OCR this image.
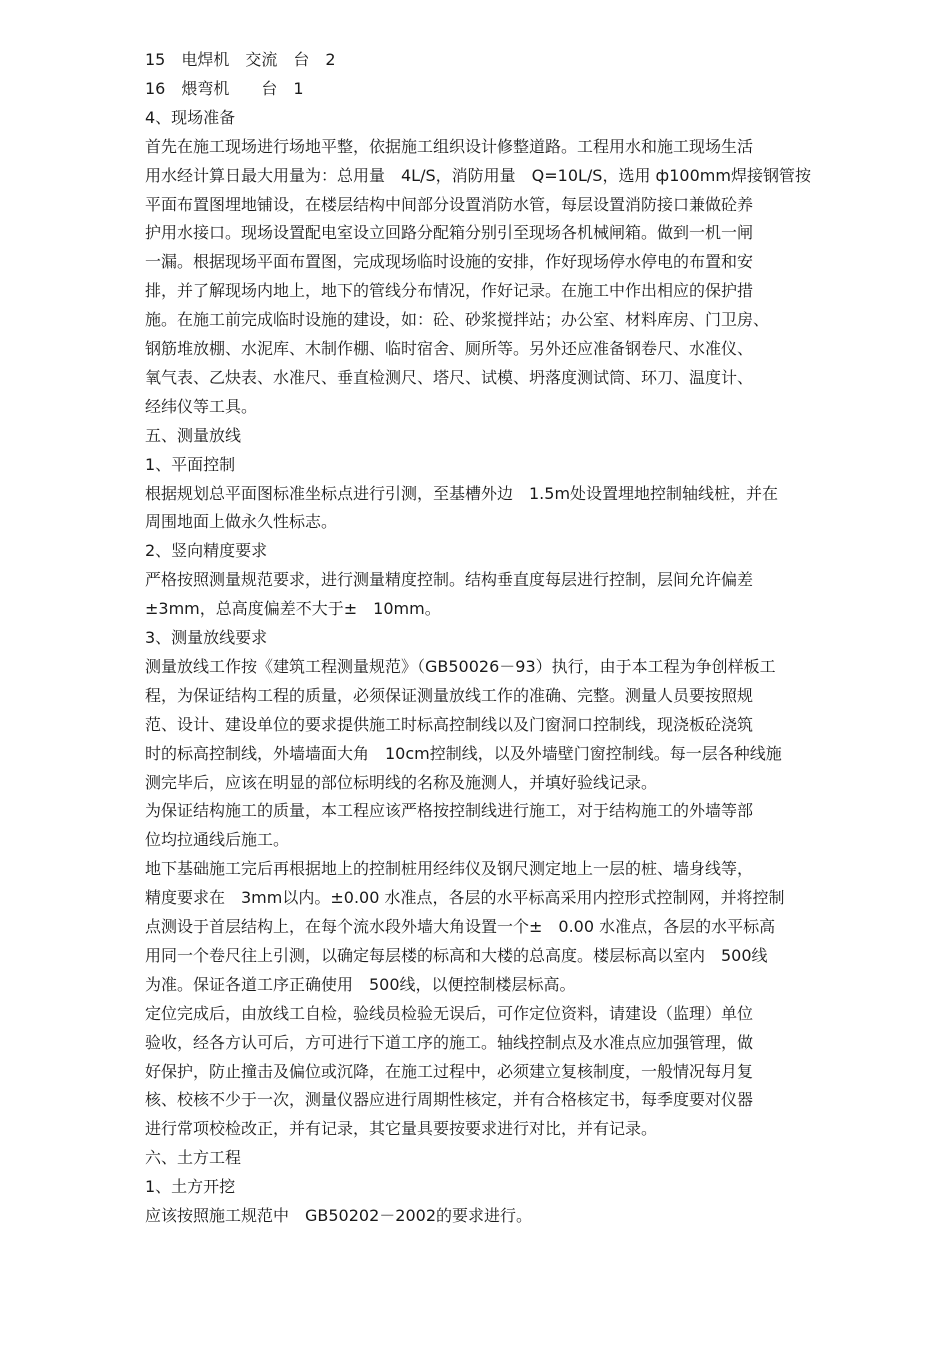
15　电焊机　交流　台　2
16　煨弯机　　台　1
4、现场准备
首先在施工现场进行场地平整，依据施工组织设计修整道路。工程用水和施工现场生活
用水经计算日最大用量为：总用量　4L/S，消防用量　Q=10L/S，选用 ф100mm焊接钢管按
平面布置图埋地铺设，在楼层结构中间部分设置消防水管，每层设置消防接口兼做砼养
护用水接口。现场设置配电室设立回路分配箱分别引至现场各机械闸箱。做到一机一闸
一漏。根据现场平面布置图，完成现场临时设施的安排，作好现场停水停电的布置和安
排，并了解现场内地上，地下的管线分布情况，作好记录。在施工中作出相应的保护措
施。在施工前完成临时设施的建设，如：砼、砂浆搅拌站；办公室、材料库房、门卫房、
钢筋堆放棚、水泥库、木制作棚、临时宿舍、厕所等。另外还应准备钢卷尺、水准仪、
氧气表、乙炔表、水准尺、垂直检测尺、塔尺、试模、坍落度测试筒、环刀、温度计、
经纬仪等工具。
五、测量放线
1、平面控制
根据规划总平面图标准坐标点进行引测，至基槽外边　1.5m处设置埋地控制轴线桩，并在
周围地面上做永久性标志。
2、竖向精度要求
严格按照测量规范要求，进行测量精度控制。结构垂直度每层进行控制，层间允许偏差
±3mm，总高度偏差不大于±　10mm。
3、测量放线要求
测量放线工作按《建筑工程测量规范》（GB50026－93）执行，由于本工程为争创样板工
程，为保证结构工程的质量，必须保证测量放线工作的准确、完整。测量人员要按照规
范、设计、建设单位的要求提供施工时标高控制线以及门窗洞口控制线，现浇板砼浇筑
时的标高控制线，外墙墙面大角　10cm控制线，以及外墙壁门窗控制线。每一层各种线施
测完毕后，应该在明显的部位标明线的名称及施测人，并填好验线记录。
为保证结构施工的质量，本工程应该严格按控制线进行施工，对于结构施工的外墙等部
位均拉通线后施工。
地下基础施工完后再根据地上的控制桩用经纬仪及钢尺测定地上一层的桩、墙身线等，
精度要求在　3mm以内。±0.00 水准点，各层的水平标高采用内控形式控制网，并将控制
点测设于首层结构上，在每个流水段外墙大角设置一个±　0.00 水准点，各层的水平标高
用同一个卷尺往上引测，以确定每层楼的标高和大楼的总高度。楼层标高以室内　500线
为准。保证各道工序正确使用　500线，以便控制楼层标高。
定位完成后，由放线工自检，验线员检验无误后，可作定位资料，请建设（监理）单位
验收，经各方认可后，方可进行下道工序的施工。轴线控制点及水准点应加强管理，做
好保护，防止撞击及偏位或沉降，在施工过程中，必须建立复核制度，一般情况每月复
核、校核不少于一次，测量仪器应进行周期性核定，并有合格核定书，每季度要对仪器
进行常项校检改正，并有记录，其它量具要按要求进行对比，并有记录。
六、土方工程
1、土方开挖
应该按照施工规范中　GB50202－2002的要求进行。
